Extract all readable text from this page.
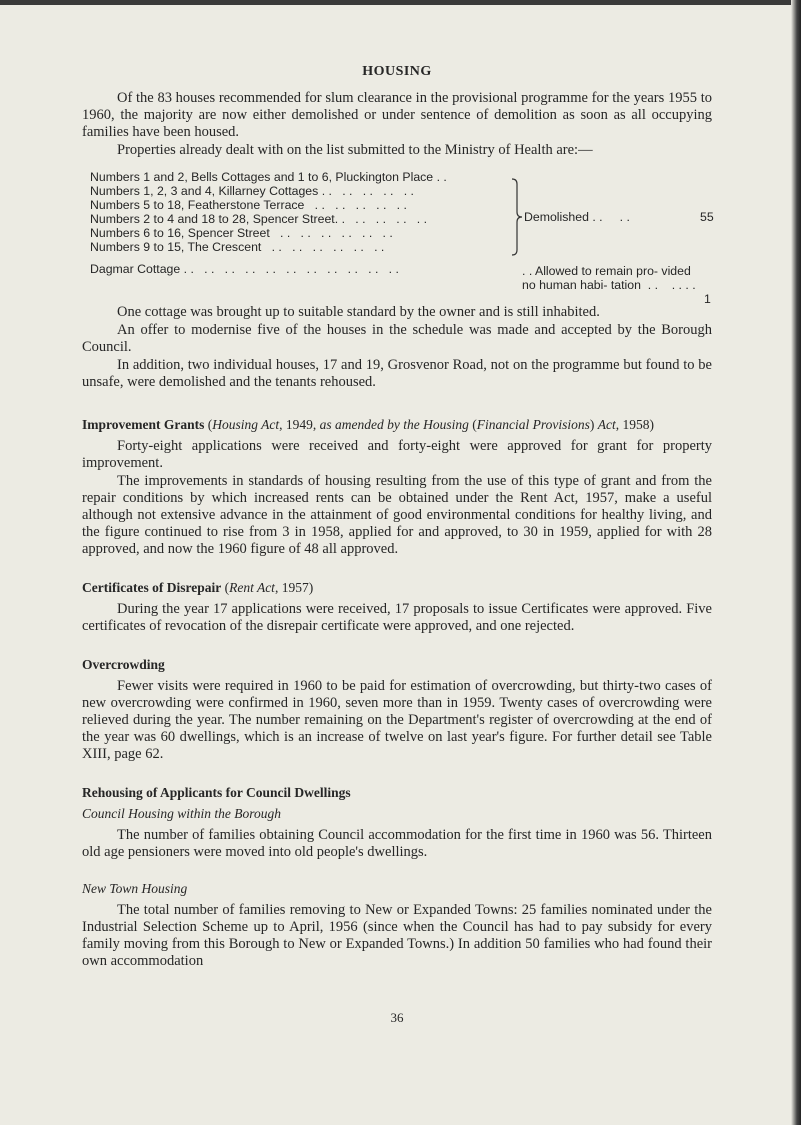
HOUSING

Of the 83 houses recommended for slum clearance in the provisional programme for the years 1955 to 1960, the majority are now either demolished or under sentence of demolition as soon as all occupying families have been housed.

Properties already dealt with on the list submitted to the Ministry of Health are:—

Numbers 1 and 2, Bells Cottages and 1 to 6, Pluckington Place . .
Numbers 1, 2, 3 and 4, Killarney Cottages . .   . .   . .   . .   . .
Numbers 5 to 18, Featherstone Terrace   . .   . .   . .   . .   . .
Numbers 2 to 4 and 18 to 28, Spencer Street. .   . .   . .   . .   . .
Numbers 6 to 16, Spencer Street   . .   . .   . .   . .   . .   . .
Numbers 9 to 15, The Crescent   . .   . .   . .   . .   . .   . .
Dagmar Cottage . .   . .   . .   . .   . .   . .   . .   . .   . .   . .   . .
Demolished . .     . .	55
. . Allowed to remain pro- vided no human habi- tation  . .    . . . .
1

One cottage was brought up to suitable standard by the owner and is still inhabited.

An offer to modernise five of the houses in the schedule was made and accepted by the Borough Council.

In addition, two individual houses, 17 and 19, Grosvenor Road, not on the programme but found to be unsafe, were demolished and the tenants rehoused.

Improvement Grants (Housing Act, 1949, as amended by the Housing (Financial Provisions) Act, 1958)

Forty-eight applications were received and forty-eight were approved for grant for property improvement.

The improvements in standards of housing resulting from the use of this type of grant and from the repair conditions by which increased rents can be obtained under the Rent Act, 1957, make a useful although not extensive advance in the attainment of good environmental conditions for healthy living, and the figure continued to rise from 3 in 1958, applied for and approved, to 30 in 1959, applied for with 28 approved, and now the 1960 figure of 48 all approved.

Certificates of Disrepair (Rent Act, 1957)

During the year 17 applications were received, 17 proposals to issue Certificates were approved. Five certificates of revocation of the disrepair certificate were approved, and one rejected.

Overcrowding

Fewer visits were required in 1960 to be paid for estimation of overcrowding, but thirty-two cases of new overcrowding were confirmed in 1960, seven more than in 1959. Twenty cases of overcrowding were relieved during the year. The number remaining on the Department's register of overcrowding at the end of the year was 60 dwellings, which is an increase of twelve on last year's figure. For further detail see Table XIII, page 62.

Rehousing of Applicants for Council Dwellings
Council Housing within the Borough

The number of families obtaining Council accommodation for the first time in 1960 was 56. Thirteen old age pensioners were moved into old people's dwellings.

New Town Housing

The total number of families removing to New or Expanded Towns: 25 families nominated under the Industrial Selection Scheme up to April, 1956 (since when the Council has had to pay subsidy for every family moving from this Borough to New or Expanded Towns.) In addition 50 families who had found their own accommodation

36
